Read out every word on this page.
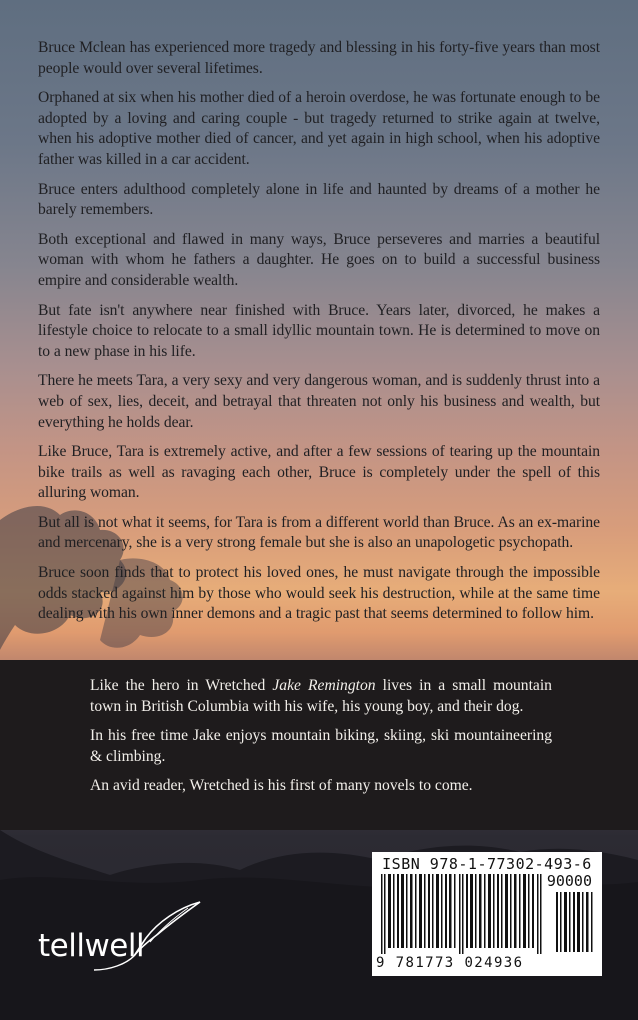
Bruce Mclean has experienced more tragedy and blessing in his forty-five years than most people would over several lifetimes.

Orphaned at six when his mother died of a heroin overdose, he was fortunate enough to be adopted by a loving and caring couple - but tragedy returned to strike again at twelve, when his adoptive mother died of cancer, and yet again in high school, when his adoptive father was killed in a car accident.

Bruce enters adulthood completely alone in life and haunted by dreams of a mother he barely remembers.

Both exceptional and flawed in many ways, Bruce perseveres and marries a beautiful woman with whom he fathers a daughter. He goes on to build a successful business empire and considerable wealth.

But fate isn't anywhere near finished with Bruce. Years later, divorced, he makes a lifestyle choice to relocate to a small idyllic mountain town. He is determined to move on to a new phase in his life.

There he meets Tara, a very sexy and very dangerous woman, and is suddenly thrust into a web of sex, lies, deceit, and betrayal that threaten not only his business and wealth, but everything he holds dear.

Like Bruce, Tara is extremely active, and after a few sessions of tearing up the mountain bike trails as well as ravaging each other, Bruce is completely under the spell of this alluring woman.

But all is not what it seems, for Tara is from a different world than Bruce. As an ex-marine and mercenary, she is a very strong female but she is also an unapologetic psychopath.

Bruce soon finds that to protect his loved ones, he must navigate through the impossible odds stacked against him by those who would seek his destruction, while at the same time dealing with his own inner demons and a tragic past that seems determined to follow him.

Like the hero in Wretched Jake Remington lives in a small mountain town in British Columbia with his wife, his young boy, and their dog.

In his free time Jake enjoys mountain biking, skiing, ski mountaineering & climbing.

An avid reader, Wretched is his first of many novels to come.

tellwell
ISBN 978-1-77302-493-6
90000
9 781773 024936
